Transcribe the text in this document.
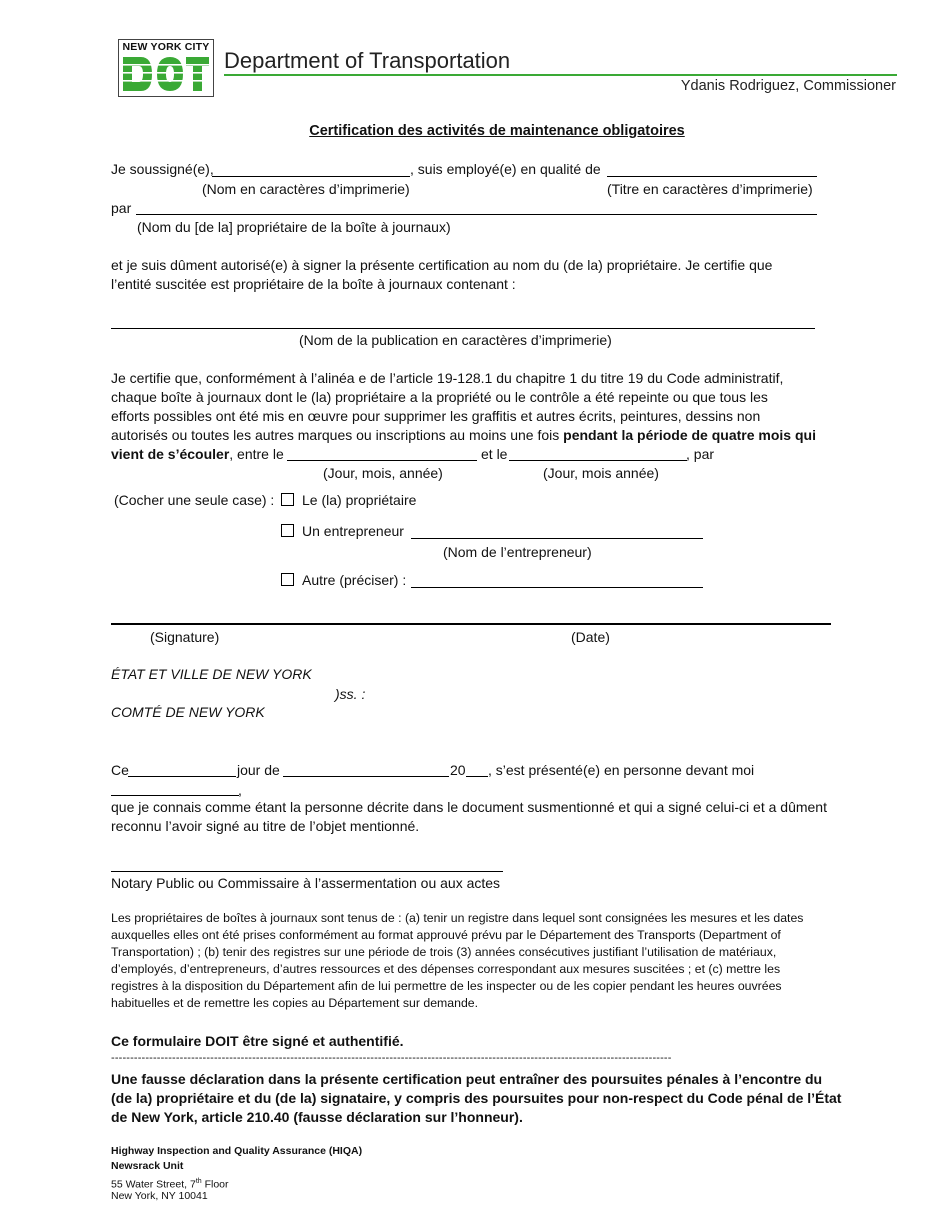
NEW YORK CITY
Department of Transportation
Ydanis Rodriguez, Commissioner
Certification des activités de maintenance obligatoires
Je soussigné(e),	, suis employé(e) en qualité de
(Nom en caractères d’imprimerie)	(Titre en caractères d’imprimerie)
par
(Nom du [de la] propriétaire de la boîte à journaux)
et je suis dûment autorisé(e) à signer la présente certification au nom du (de la) propriétaire. Je certifie que
l’entité suscitée est propriétaire de la boîte à journaux contenant :
(Nom de la publication en caractères d’imprimerie)
Je certifie que, conformément à l’alinéa e de l’article 19-128.1 du chapitre 1 du titre 19 du Code administratif,
chaque boîte à journaux dont le (la) propriétaire a la propriété ou le contrôle a été repeinte ou que tous les
efforts possibles ont été mis en œuvre pour supprimer les graffitis et autres écrits, peintures, dessins non
autorisés ou toutes les autres marques ou inscriptions au moins une fois pendant la période de quatre mois qui
vient de s’écouler, entre le	et le	, par
(Jour, mois, année)	(Jour, mois année)
(Cocher une seule case) :	Le (la) propriétaire
Un entrepreneur
(Nom de l’entrepreneur)
Autre (préciser) :
(Signature)	(Date)
ÉTAT ET VILLE DE NEW YORK
)ss. :
COMTÉ DE NEW YORK
Ce	jour de	20 , s’est présenté(e) en personne devant moi
,
que je connais comme étant la personne décrite dans le document susmentionné et qui a signé celui-ci et a dûment
reconnu l’avoir signé au titre de l’objet mentionné.
Notary Public ou Commissaire à l’assermentation ou aux actes
Les propriétaires de boîtes à journaux sont tenus de : (a) tenir un registre dans lequel sont consignées les mesures et les dates
auxquelles elles ont été prises conformément au format approuvé prévu par le Département des Transports (Department of
Transportation) ; (b) tenir des registres sur une période de trois (3) années consécutives justifiant l’utilisation de matériaux,
d’employés, d’entrepreneurs, d’autres ressources et des dépenses correspondant aux mesures suscitées ; et (c) mettre les
registres à la disposition du Département afin de lui permettre de les inspecter ou de les copier pendant les heures ouvrées
habituelles et de remettre les copies au Département sur demande.
Ce formulaire DOIT être signé et authentifié.
---------------------------------------------------------------------------------------------------------------------------------------------------
Une fausse déclaration dans la présente certification peut entraîner des poursuites pénales à l’encontre du
(de la) propriétaire et du (de la) signataire, y compris des poursuites pour non-respect du Code pénal de l’État
de New York, article 210.40 (fausse déclaration sur l’honneur).
Highway Inspection and Quality Assurance (HIQA)
Newsrack Unit
55 Water Street, 7th Floor
New York, NY 10041
